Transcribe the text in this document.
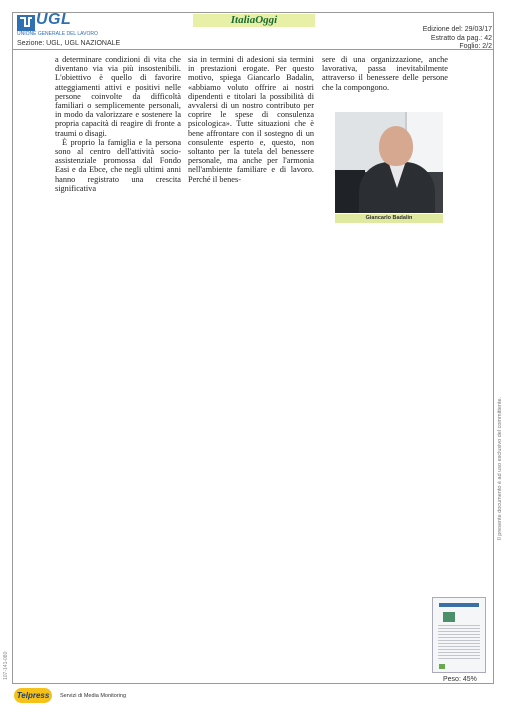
UGL
UNIONE GENERALE DEL LAVORO
ItaliaOggi
Sezione: UGL, UGL NAZIONALE
Edizione del: 29/03/17
Estratto da pag.: 42
Foglio: 2/2

a determinare condizioni di vita che diventano via via più insostenibili. L'obiettivo è quello di favorire atteggiamenti attivi e positivi nelle persone coinvolte da difficoltà familiari o semplicemente personali, in modo da valorizzare e sostenere la propria capacità di reagire di fronte a traumi o disagi.

È proprio la famiglia e la persona sono al centro dell'attività socio-assistenziale promossa dal Fondo Easi e da Ebce, che negli ultimi anni hanno registrato una crescita significativa

sia in termini di adesioni sia termini in prestazioni erogate. Per questo motivo, spiega Giancarlo Badalin, «abbiamo voluto offrire ai nostri dipendenti e titolari la possibilità di avvalersi di un nostro contributo per coprire le spese di consulenza psicologica». Tutte situazioni che è bene affrontare con il sostegno di un consulente esperto e, questo, non soltanto per la tutela del benessere personale, ma anche per l'armonia nell'ambiente familiare e di lavoro. Perché il benes-

sere di una organizzazione, anche lavorativa, passa inevitabilmente attraverso il benessere delle persone che la compongono.

Giancarlo Badalin
Il presente documento è ad uso esclusivo del committente.
107-141-080	Peso: 45%
Telpress	Servizi di Media Monitoring
